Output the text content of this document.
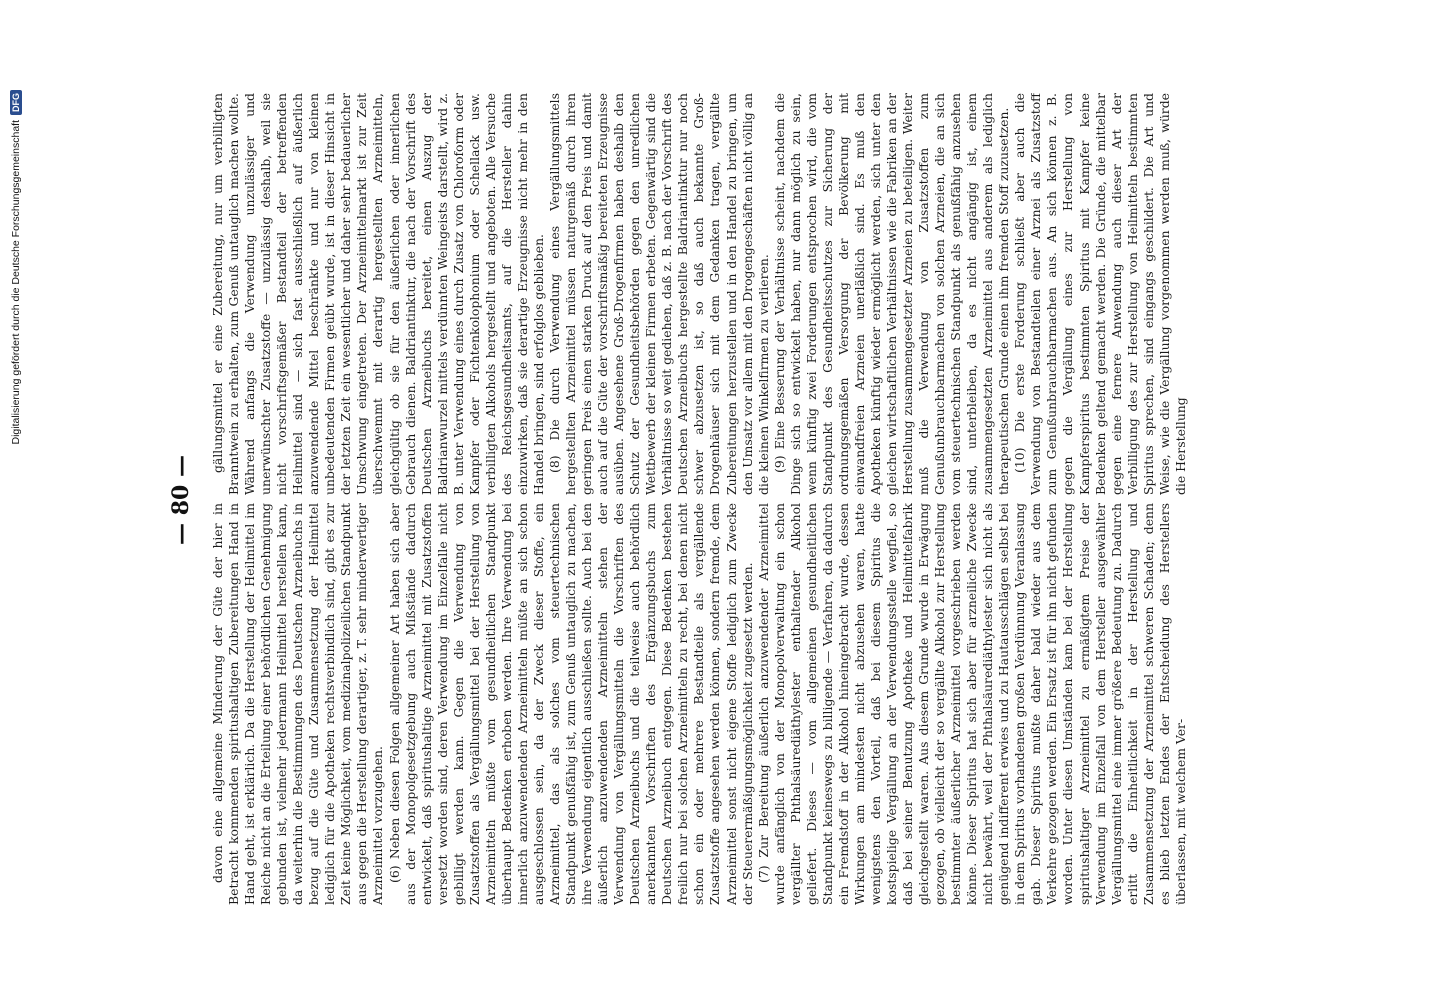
— 80 —

davon eine allgemeine Minderung der Güte der hier in Betracht kommenden spiritushaltigen Zubereitungen Hand in Hand geht, ist erklärlich. Da die Herstellung der Heilmittel im Reiche nicht an die Erteilung einer behördlichen Genehmigung gebunden ist, vielmehr jedermann Heilmittel herstellen kann, da weiterhin die Bestimmungen des Deutschen Arzneibuchs in bezug auf die Güte und Zusammensetzung der Heilmittel lediglich für die Apotheken rechtsverbindlich sind, gibt es zur Zeit keine Möglichkeit, vom medizinalpolizeilichen Standpunkt aus gegen die Herstellung derartiger, z. T. sehr minderwertiger Arzneimittel vorzugehen. (6) Neben diesen Folgen allgemeiner Art haben sich aber aus der Monopolgesetzgebung auch Mißstände dadurch entwickelt, daß spiritushaltige Arzneimittel mit Zusatzstoffen versetzt worden sind, deren Verwendung im Einzelfalle nicht gebilligt werden kann. Gegen die Verwendung von Zusatzstoffen als Vergällungsmittel bei der Herstellung von Arzneimitteln müßte vom gesundheitlichen Standpunkt überhaupt Bedenken erhoben werden. Ihre Verwendung bei innerlich anzuwendenden Arzneimitteln müßte an sich schon ausgeschlossen sein, da der Zweck dieser Stoffe, ein Arzneimittel, das als solches vom steuertechnischen Standpunkt genußfähig ist, zum Genuß untauglich zu machen, ihre Verwendung eigentlich ausschließen sollte. Auch bei den äußerlich anzuwendenden Arzneimitteln stehen der Verwendung von Vergällungsmitteln die Vorschriften des Deutschen Arzneibuchs und die teilweise auch behördlich anerkannten Vorschriften des Ergänzungsbuchs zum Deutschen Arzneibuch entgegen. Diese Bedenken bestehen freilich nur bei solchen Arzneimitteln zu recht, bei denen nicht schon ein oder mehrere Bestandteile als vergällende Zusatzstoffe angesehen werden können, sondern fremde, dem Arzneimittel sonst nicht eigene Stoffe lediglich zum Zwecke der Steuerermäßigungsmöglichkeit zugesetzt werden. (7) Zur Bereitung äußerlich anzuwendender Arzneimittel wurde anfänglich von der Monopolverwaltung ein schon vergällter Phthalsäurediäthylester enthaltender Alkohol geliefert. Dieses — vom allgemeinen gesundheitlichen Standpunkt keineswegs zu billigende — Verfahren, da dadurch ein Fremdstoff in der Alkohol hineingebracht wurde, dessen Wirkungen am mindesten nicht abzusehen waren, hatte wenigstens den Vorteil, daß bei diesem Spiritus die kostspielige Vergällung an der Verwendungsstelle wegfiel, so daß bei seiner Benutzung Apotheke und Heilmittelfabrik gleichgestellt waren. Aus diesem Grunde wurde in Erwägung gezogen, ob vielleicht der so vergällte Alkohol zur Herstellung bestimmter äußerlicher Arzneimittel vorgeschrieben werden könne. Dieser Spiritus hat sich aber für arzneiliche Zwecke nicht bewährt, weil der Phthalsäurediäthylester sich nicht als genügend indifferent erwies und zu Hautausschlägen selbst bei in dem Spiritus vorhandenen großen Verdünnung Veranlassung gab. Dieser Spiritus mußte daher bald wieder aus dem Verkehre gezogen werden. Ein Ersatz ist für ihn nicht gefunden worden. Unter diesen Umständen kam bei der Herstellung spiritushaltiger Arzneimittel zu ermäßigtem Preise der Verwendung im Einzelfall von dem Hersteller ausgewählter Vergällungsmittel eine immer größere Bedeutung zu. Dadurch erlitt die Einheitlichkeit in der Herstellung und Zusammensetzung der Arzneimittel schweren Schaden; denn es blieb letzten Endes der Entscheidung des Herstellers überlassen, mit welchem Ver-

gällungsmittel er eine Zubereitung, nur um verbilligten Branntwein zu erhalten, zum Genuß untauglich machen wollte. Während anfangs die Verwendung unzulässiger und unerwünschter Zusatzstoffe — unzulässig deshalb, weil sie nicht vorschriftsgemäßer Bestandteil der betreffenden Heilmittel sind — sich fast ausschließlich auf äußerlich anzuwendende Mittel beschränkte und nur von kleinen unbedeutenden Firmen geübt wurde, ist in dieser Hinsicht in der letzten Zeit ein wesentlicher und daher sehr bedauerlicher Umschwung eingetreten. Der Arzneimittelmarkt ist zur Zeit überschwemmt mit derartig hergestellten Arzneimitteln, gleichgültig ob sie für den äußerlichen oder innerlichen Gebrauch dienen. Baldriantinktur, die nach der Vorschrift des Deutschen Arzneibuchs bereitet, einen Auszug der Baldrianwurzel mittels verdünnten Weingeists darstellt, wird z. B. unter Verwendung eines durch Zusatz von Chloroform oder Kampfer oder Fichtenkolophonium oder Schellack usw. verbilligten Alkohols hergestellt und angeboten. Alle Versuche des Reichsgesundheitsamts, auf die Hersteller dahin einzuwirken, daß sie derartige Erzeugnisse nicht mehr in den Handel bringen, sind erfolglos geblieben. (8) Die durch Verwendung eines Vergällungsmittels hergestellten Arzneimittel müssen naturgemäß durch ihren geringen Preis einen starken Druck auf den Preis und damit auch auf die Güte der vorschriftsmäßig bereiteten Erzeugnisse ausüben. Angesehene Groß-Drogenfirmen haben deshalb den Schutz der Gesundheitsbehörden gegen den unredlichen Wettbewerb der kleinen Firmen erbeten. Gegenwärtig sind die Verhältnisse so weit gediehen, daß z. B. nach der Vorschrift des Deutschen Arzneibuchs hergestellte Baldriantinktur nur noch schwer abzusetzen ist, so daß auch bekannte Groß-Drogenhäuser sich mit dem Gedanken tragen, vergällte Zubereitungen herzustellen und in den Handel zu bringen, um den Umsatz vor allem mit den Drogengeschäften nicht völlig an die kleinen Winkelfirmen zu verlieren. (9) Eine Besserung der Verhältnisse scheint, nachdem die Dinge sich so entwickelt haben, nur dann möglich zu sein, wenn künftig zwei Forderungen entsprochen wird, die vom Standpunkt des Gesundheitsschutzes zur Sicherung der ordnungsgemäßen Versorgung der Bevölkerung mit einwandfreien Arzneien unerläßlich sind. Es muß den Apotheken künftig wieder ermöglicht werden, sich unter den gleichen wirtschaftlichen Verhältnissen wie die Fabriken an der Herstellung zusammengesetzter Arzneien zu beteiligen. Weiter muß die Verwendung von Zusatzstoffen zum Genußunbrauchbarmachen von solchen Arzneien, die an sich vom steuertechnischen Standpunkt als genußfähig anzusehen sind, unterbleiben, da es nicht angängig ist, einem zusammengesetzten Arzneimittel aus anderem als lediglich therapeutischen Grunde einen ihm fremden Stoff zuzusetzen. (10) Die erste Forderung schließt aber auch die Verwendung von Bestandteilen einer Arznei als Zusatzstoff zum Genußunbrauchbarmachen aus. An sich können z. B. gegen die Vergällung eines zur Herstellung von Kampferspiritus bestimmten Spiritus mit Kampfer keine Bedenken geltend gemacht werden. Die Gründe, die mittelbar gegen eine fernere Anwendung auch dieser Art der Verbilligung des zur Herstellung von Heilmitteln bestimmten Spiritus sprechen, sind eingangs geschildert. Die Art und Weise, wie die Vergällung vorgenommen werden muß, würde die Herstellung

Digitalisierung gefördert durch die Deutsche ForschungsgemeinschaftDFG
